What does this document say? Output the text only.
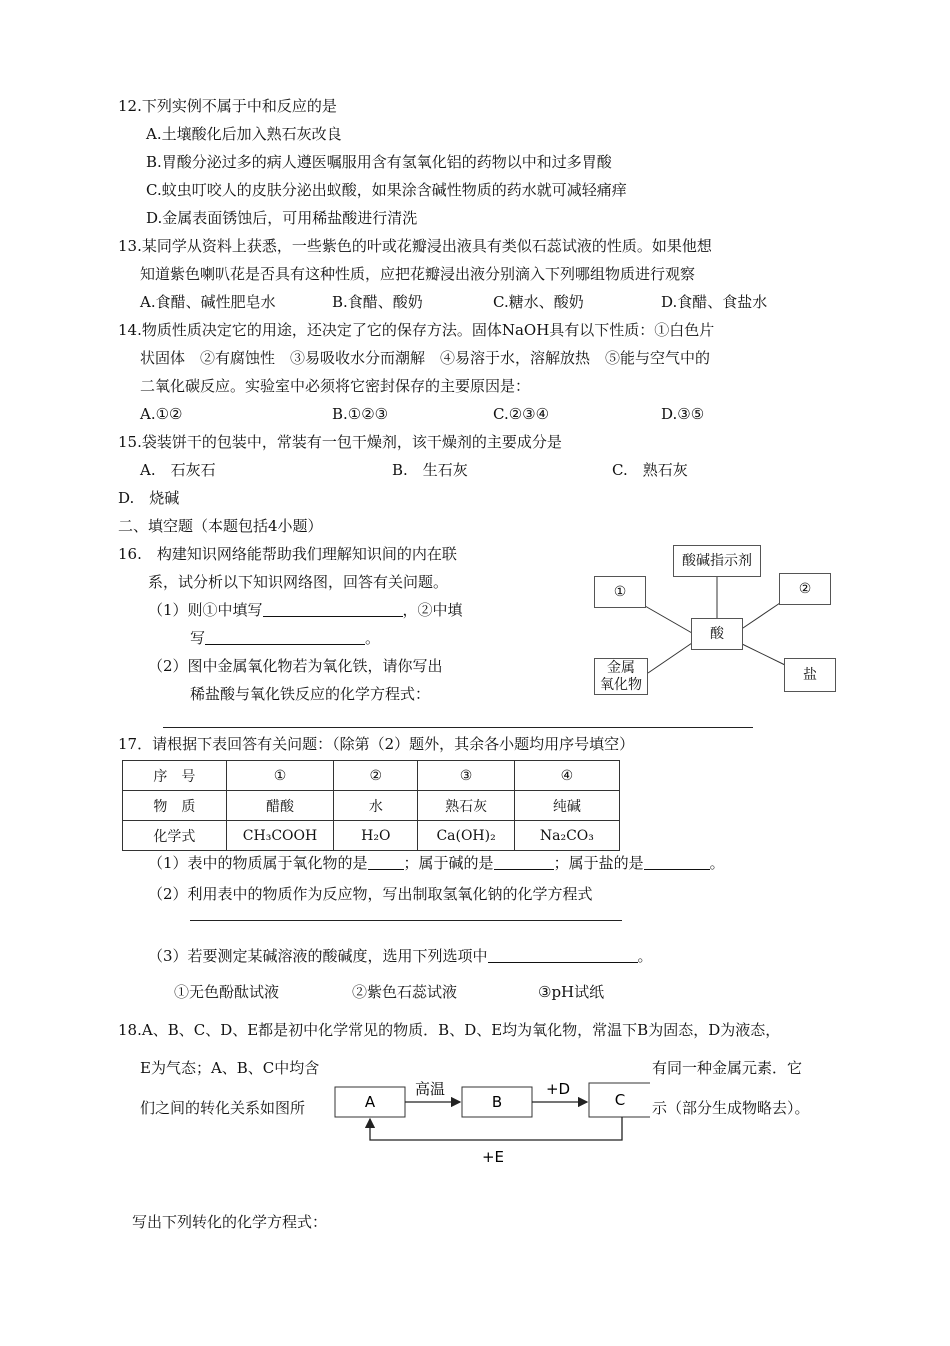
12.下列实例不属于中和反应的是
A.土壤酸化后加入熟石灰改良
B.胃酸分泌过多的病人遵医嘱服用含有氢氧化铝的药物以中和过多胃酸
C.蚊虫叮咬人的皮肤分泌出蚁酸，如果涂含碱性物质的药水就可减轻痛痒
D.金属表面锈蚀后，可用稀盐酸进行清洗
13.某同学从资料上获悉，一些紫色的叶或花瓣浸出液具有类似石蕊试液的性质。如果他想
知道紫色喇叭花是否具有这种性质，应把花瓣浸出液分别滴入下列哪组物质进行观察
A.食醋、碱性肥皂水	B.食醋、酸奶	C.糖水、酸奶	D.食醋、食盐水
14.物质性质决定它的用途，还决定了它的保存方法。固体NaOH具有以下性质：①白色片
状固体　②有腐蚀性　③易吸收水分而潮解　④易溶于水，溶解放热　⑤能与空气中的
二氧化碳反应。实验室中必须将它密封保存的主要原因是：
A.①②	B.①②③	C.②③④	D.③⑤
15.袋装饼干的包装中，常装有一包干燥剂，该干燥剂的主要成分是
A.　石灰石	B.　生石灰	C.　熟石灰
D.　烧碱
二、填空题（本题包括4小题）
16.　构建知识网络能帮助我们理解知识间的内在联
系，试分析以下知识网络图，回答有关问题。
（1）则①中填写	，②中填
写	。
（2）图中金属氧化物若为氧化铁，请你写出
稀盐酸与氧化铁反应的化学方程式：
酸碱指示剂
①	②
酸
金属
氧化物
盐
17．请根据下表回答有关问题：（除第（2）题外，其余各小题均用序号填空）
序　号	①	②	③	④
物　质	醋酸	水	熟石灰	纯碱
化学式	CH₃COOH	H₂O	Ca(OH)₂	Na₂CO₃
（1）表中的物质属于氧化物的是 ；属于碱的是	；属于盐的是	。
（2）利用表中的物质作为反应物，写出制取氢氧化钠的化学方程式
（3）若要测定某碱溶液的酸碱度，选用下列选项中	。
①无色酚酞试液	②紫色石蕊试液	③pH试纸
18.A、B、C、D、E都是初中化学常见的物质．B、D、E均为氧化物，常温下B为固态，D为液态，
E为气态；A、B、C中均含	有同一种金属元素．它
们之间的转化关系如图所	示（部分生成物略去）。
A	B	C
高温	+D
+E
写出下列转化的化学方程式：
